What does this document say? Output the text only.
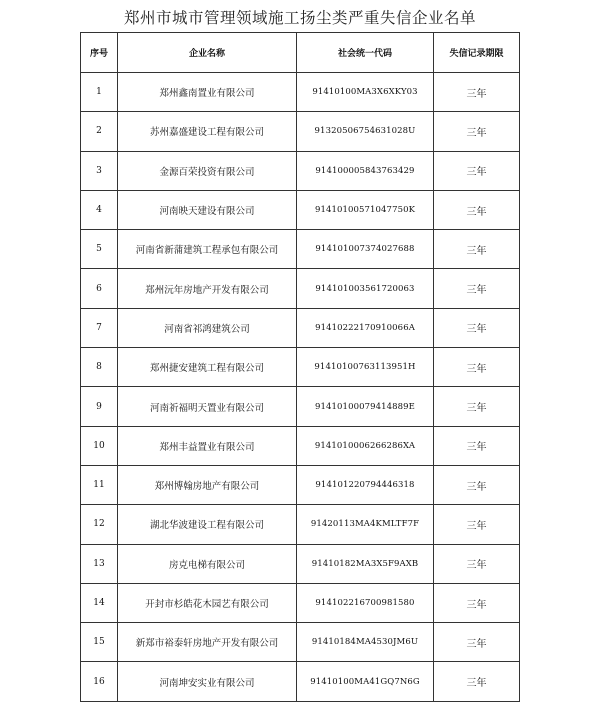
郑州市城市管理领域施工扬尘类严重失信企业名单
序号	企业名称	社会统一代码	失信记录期限
1	郑州鑫南置业有限公司	91410100MA3X6XKY03	三年
2	苏州嘉盛建设工程有限公司	91320506754631028U	三年
3	金源百荣投资有限公司	914100005843763429	三年
4	河南映天建设有限公司	91410100571047750K	三年
5	河南省新蒲建筑工程承包有限公司	914101007374027688	三年
6	郑州沅年房地产开发有限公司	914101003561720063	三年
7	河南省祁鸿建筑公司	91410222170910066A	三年
8	郑州捷安建筑工程有限公司	91410100763113951H	三年
9	河南祈福明天置业有限公司	91410100079414889E	三年
10	郑州丰益置业有限公司	9141010006266286XA	三年
11	郑州博翰房地产有限公司	914101220794446318	三年
12	湖北华波建设工程有限公司	91420113MA4KMLTF7F	三年
13	房克电梯有限公司	91410182MA3X5F9AXB	三年
14	开封市杉皓花木园艺有限公司	914102216700981580	三年
15	新郑市裕泰轩房地产开发有限公司	91410184MA4530JM6U	三年
16	河南坤安实业有限公司	91410100MA41GQ7N6G	三年
